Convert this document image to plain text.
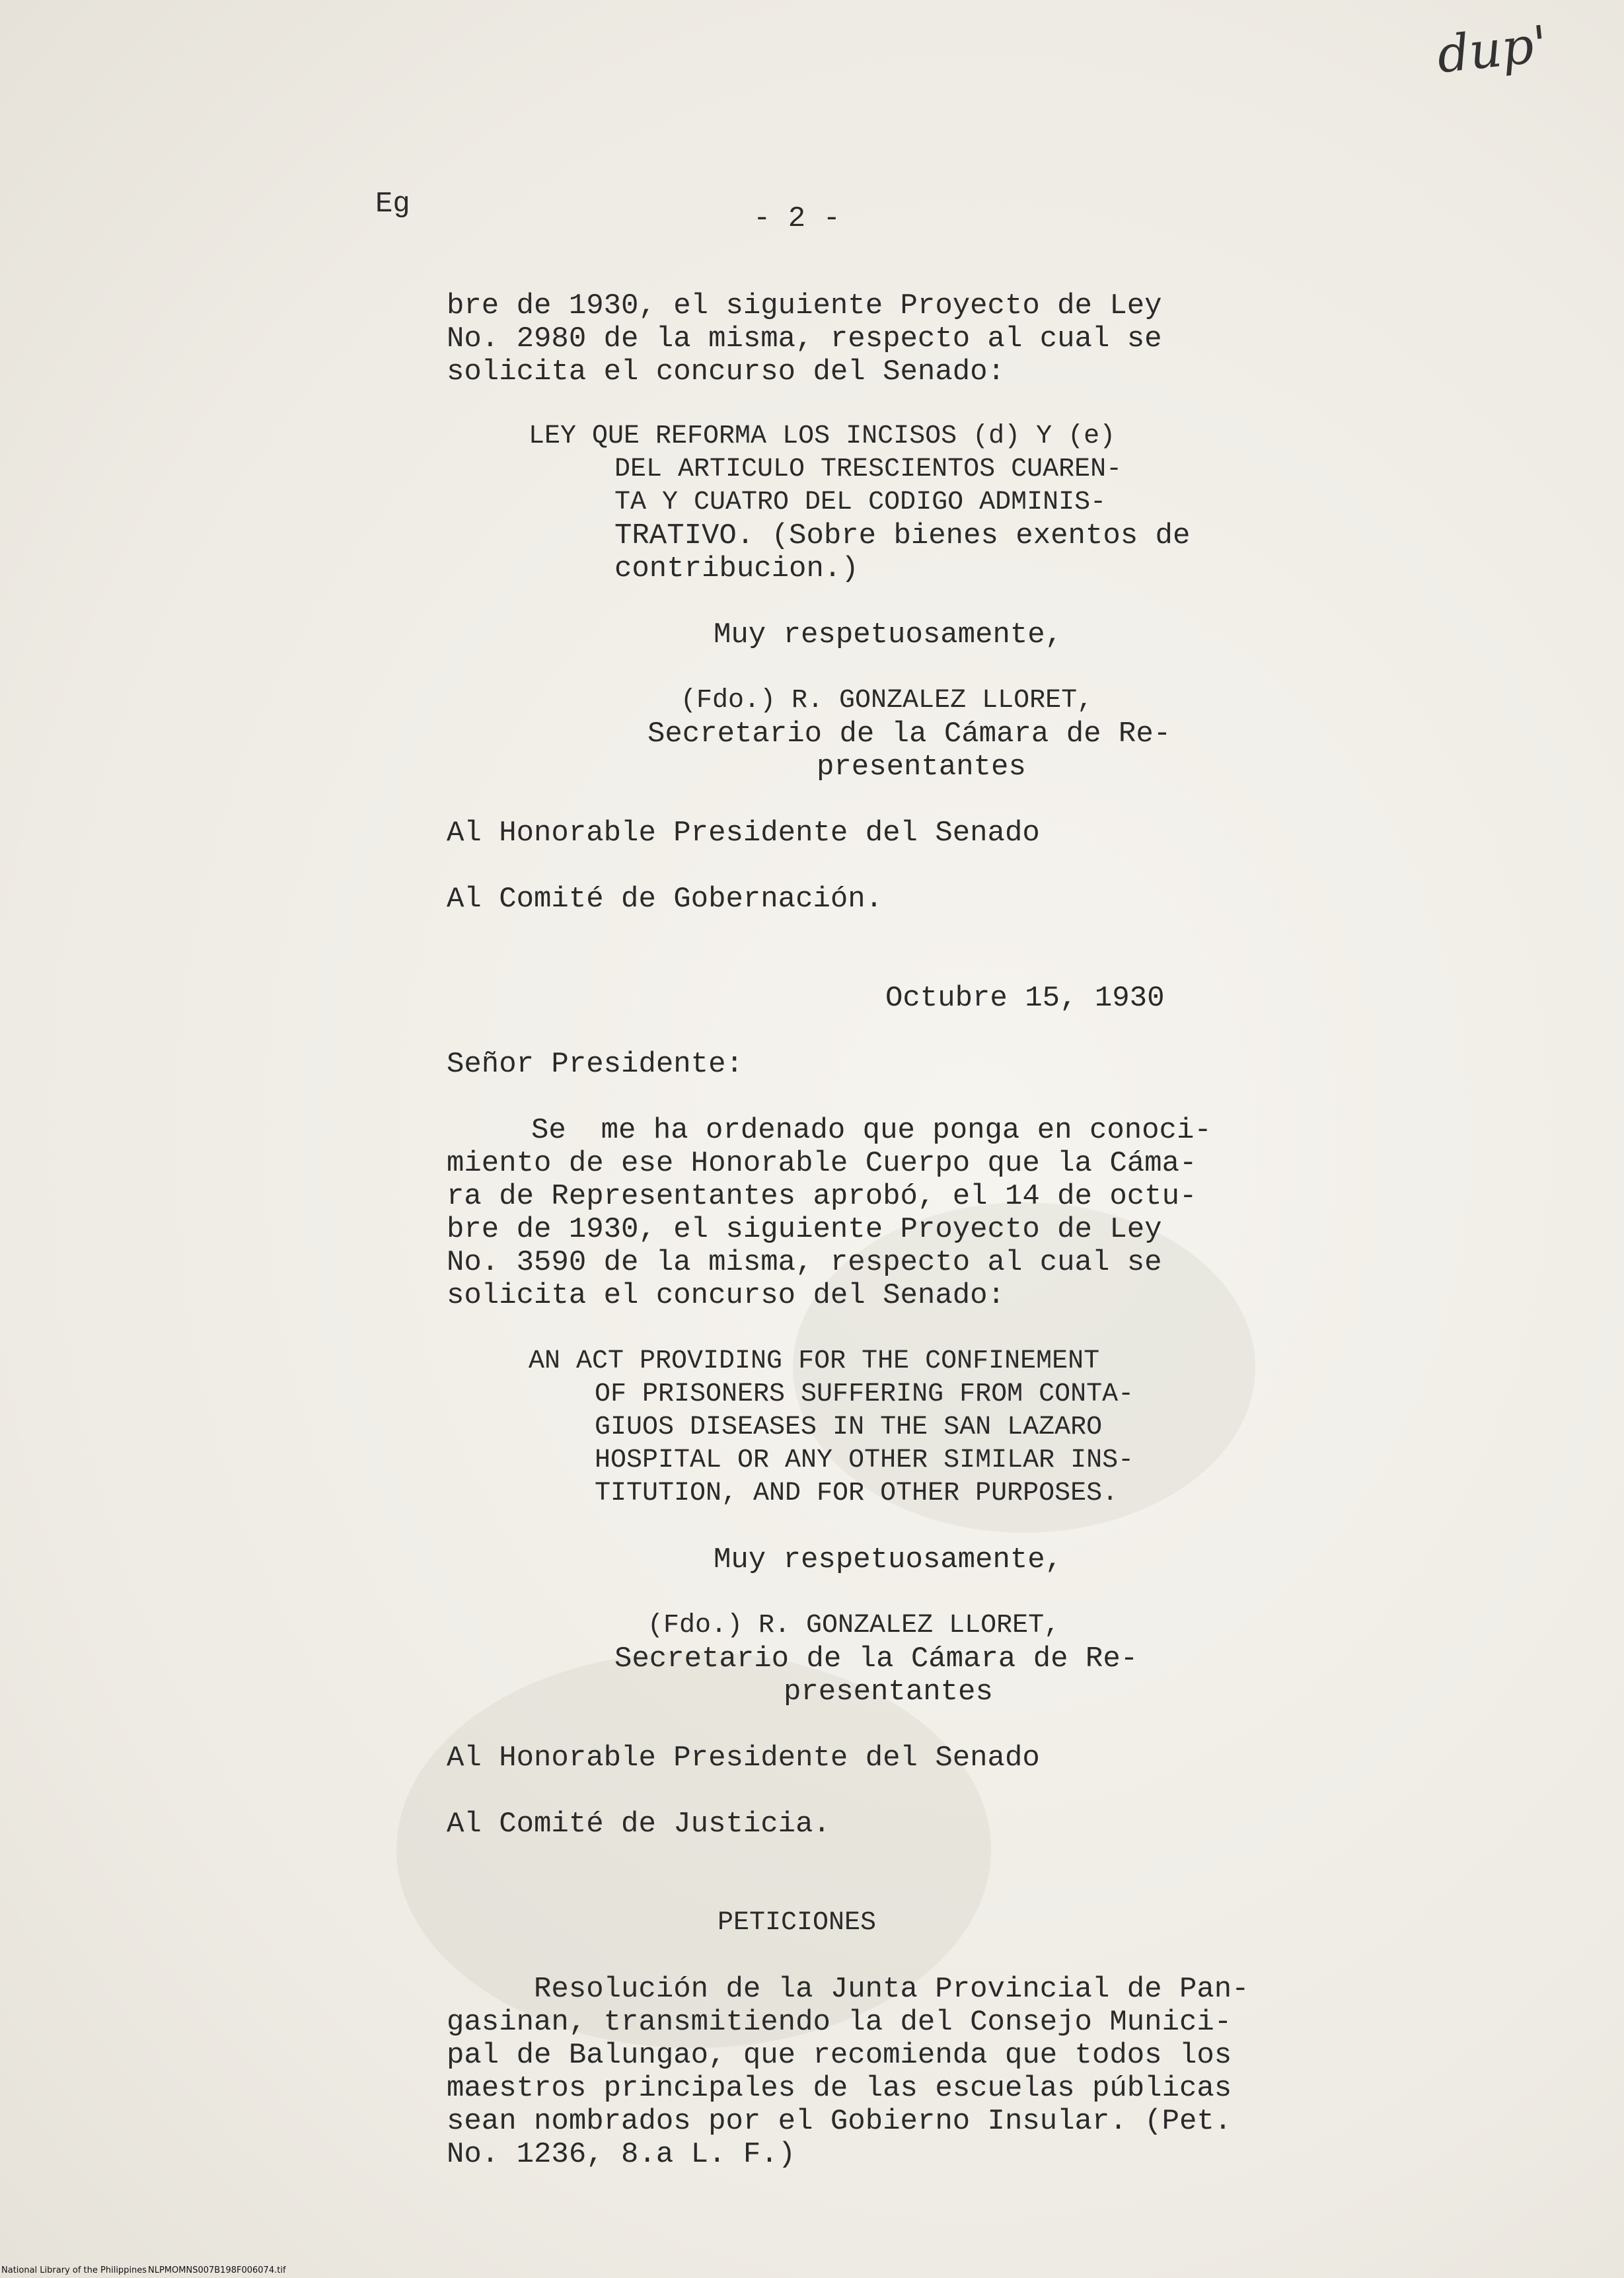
dup'
Eg	- 2 -
bre de 1930, el siguiente Proyecto de Ley
No. 2980 de la misma, respecto al cual se
solicita el concurso del Senado:
LEY QUE REFORMA LOS INCISOS (d) Y (e)
DEL ARTICULO TRESCIENTOS CUAREN-
TA Y CUATRO DEL CODIGO ADMINIS-
TRATIVO. (Sobre bienes exentos de
contribucion.)
Muy respetuosamente,
(Fdo.) R. GONZALEZ LLORET,
Secretario de la Cámara de Re-
presentantes
Al Honorable Presidente del Senado
Al Comité de Gobernación.
Octubre 15, 1930
Señor Presidente:
Se  me ha ordenado que ponga en conoci-
miento de ese Honorable Cuerpo que la Cáma-
ra de Representantes aprobó, el 14 de octu-
bre de 1930, el siguiente Proyecto de Ley
No. 3590 de la misma, respecto al cual se
solicita el concurso del Senado:
AN ACT PROVIDING FOR THE CONFINEMENT
OF PRISONERS SUFFERING FROM CONTA-
GIUOS DISEASES IN THE SAN LAZARO
HOSPITAL OR ANY OTHER SIMILAR INS-
TITUTION, AND FOR OTHER PURPOSES.
Muy respetuosamente,
(Fdo.) R. GONZALEZ LLORET,
Secretario de la Cámara de Re-
presentantes
Al Honorable Presidente del Senado
Al Comité de Justicia.
PETICIONES
Resolución de la Junta Provincial de Pan-
gasinan, transmitiendo la del Consejo Munici-
pal de Balungao, que recomienda que todos los
maestros principales de las escuelas públicas
sean nombrados por el Gobierno Insular. (Pet.
No. 1236, 8.a L. F.)
National Library of the Philippines NLPMOMNS007B198F006074.tif
